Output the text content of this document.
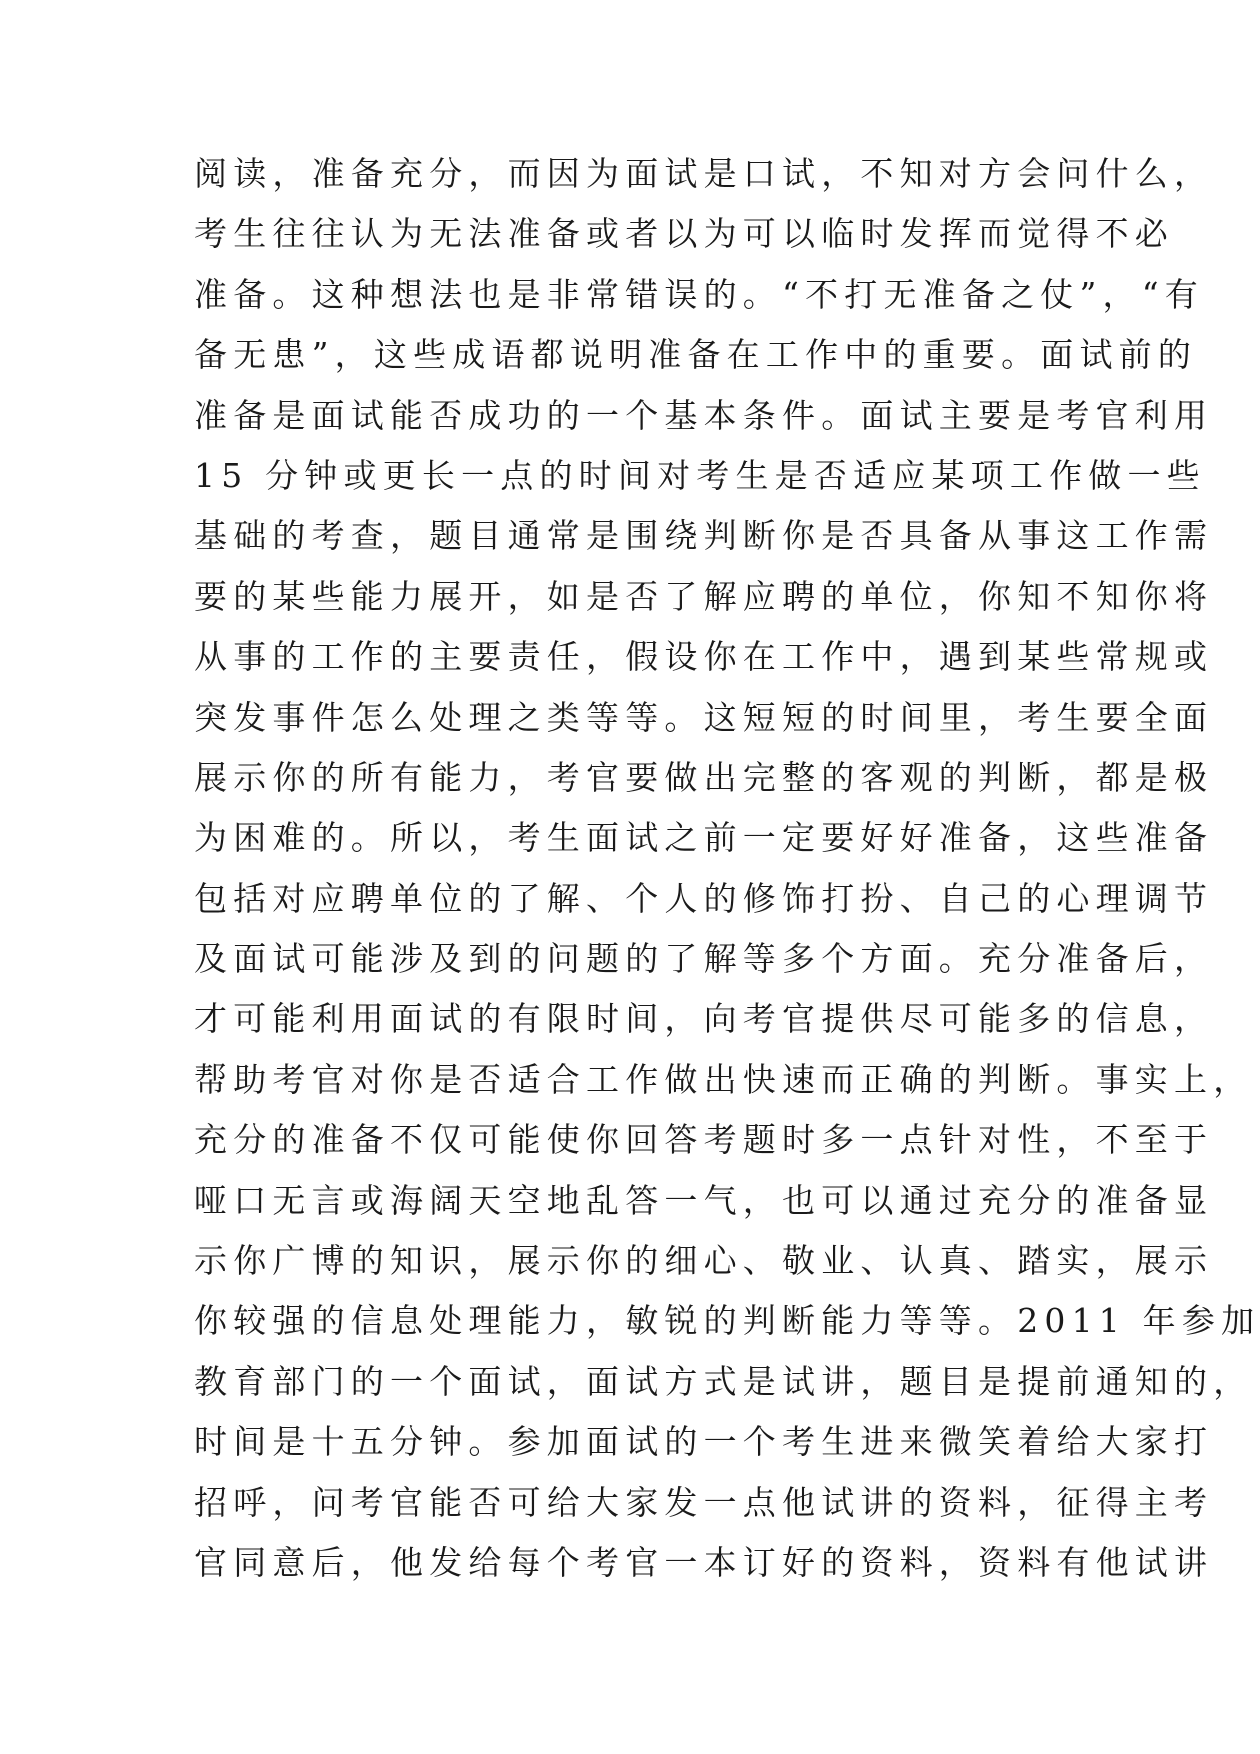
阅读，准备充分，而因为面试是口试，不知对方会问什么，
考生往往认为无法准备或者以为可以临时发挥而觉得不必
准备。这种想法也是非常错误的。“不打无准备之仗”，“有
备无患”，这些成语都说明准备在工作中的重要。面试前的
准备是面试能否成功的一个基本条件。面试主要是考官利用
15 分钟或更长一点的时间对考生是否适应某项工作做一些
基础的考查，题目通常是围绕判断你是否具备从事这工作需
要的某些能力展开，如是否了解应聘的单位，你知不知你将
从事的工作的主要责任，假设你在工作中，遇到某些常规或
突发事件怎么处理之类等等。这短短的时间里，考生要全面
展示你的所有能力，考官要做出完整的客观的判断，都是极
为困难的。所以，考生面试之前一定要好好准备，这些准备
包括对应聘单位的了解、个人的修饰打扮、自己的心理调节
及面试可能涉及到的问题的了解等多个方面。充分准备后，
才可能利用面试的有限时间，向考官提供尽可能多的信息，
帮助考官对你是否适合工作做出快速而正确的判断。事实上，
充分的准备不仅可能使你回答考题时多一点针对性，不至于
哑口无言或海阔天空地乱答一气，也可以通过充分的准备显
示你广博的知识，展示你的细心、敬业、认真、踏实，展示
你较强的信息处理能力，敏锐的判断能力等等。2011 年参加
教育部门的一个面试，面试方式是试讲，题目是提前通知的，
时间是十五分钟。参加面试的一个考生进来微笑着给大家打
招呼，问考官能否可给大家发一点他试讲的资料，征得主考
官同意后，他发给每个考官一本订好的资料，资料有他试讲
